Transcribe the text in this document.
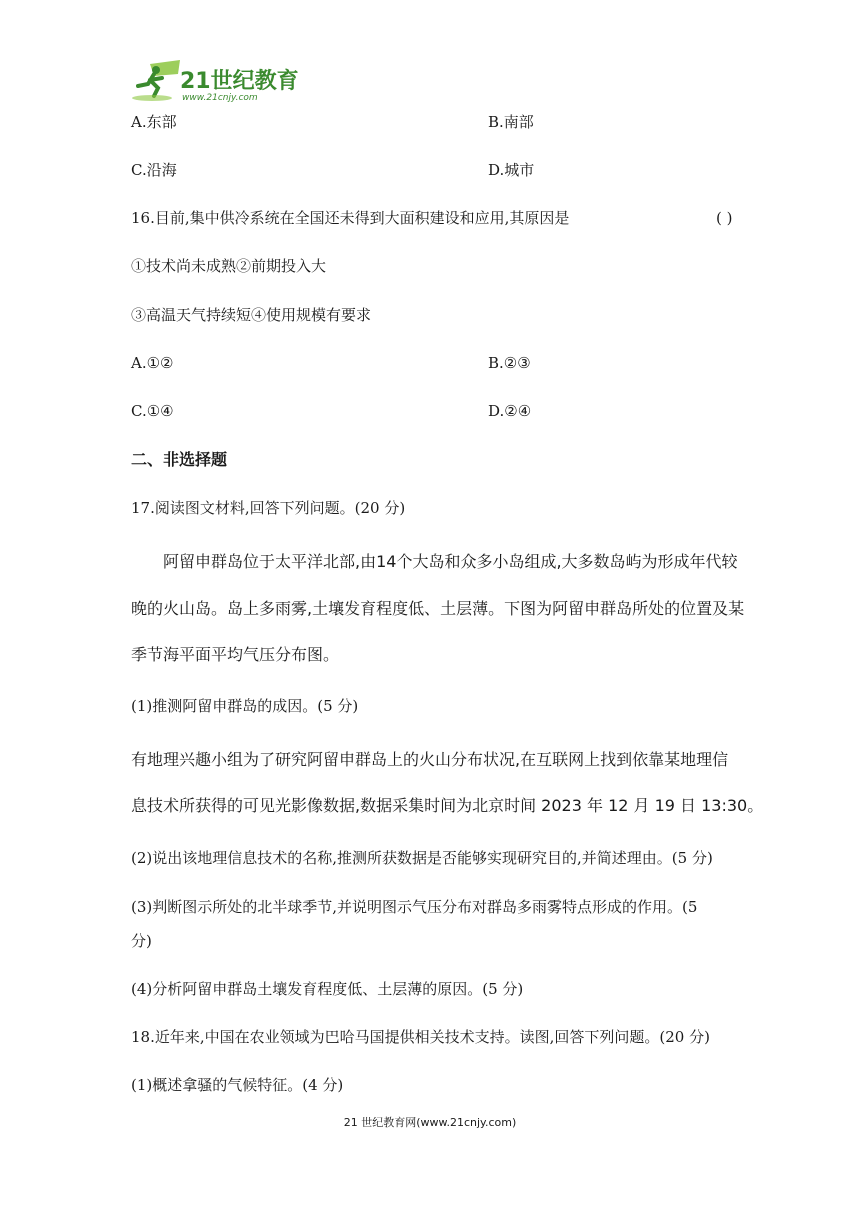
21世纪教育
www.21cnjy.com
A.东部	B.南部
C.沿海	D.城市
16.目前,集中供冷系统在全国还未得到大面积建设和应用,其原因是	( )
①技术尚未成熟②前期投入大
③高温天气持续短④使用规模有要求
A.①②	B.②③
C.①④	D.②④
二、非选择题
17.阅读图文材料,回答下列问题。(20 分)
阿留申群岛位于太平洋北部,由14个大岛和众多小岛组成,大多数岛屿为形成年代较
晚的火山岛。岛上多雨雾,土壤发育程度低、土层薄。下图为阿留申群岛所处的位置及某
季节海平面平均气压分布图。
(1)推测阿留申群岛的成因。(5 分)
有地理兴趣小组为了研究阿留申群岛上的火山分布状况,在互联网上找到依靠某地理信
息技术所获得的可见光影像数据,数据采集时间为北京时间 2023 年 12 月 19 日 13:30。
(2)说出该地理信息技术的名称,推测所获数据是否能够实现研究目的,并简述理由。(5 分)
(3)判断图示所处的北半球季节,并说明图示气压分布对群岛多雨雾特点形成的作用。(5
分)
(4)分析阿留申群岛土壤发育程度低、土层薄的原因。(5 分)
18.近年来,中国在农业领域为巴哈马国提供相关技术支持。读图,回答下列问题。(20 分)
(1)概述拿骚的气候特征。(4 分)
21 世纪教育网(www.21cnjy.com)
